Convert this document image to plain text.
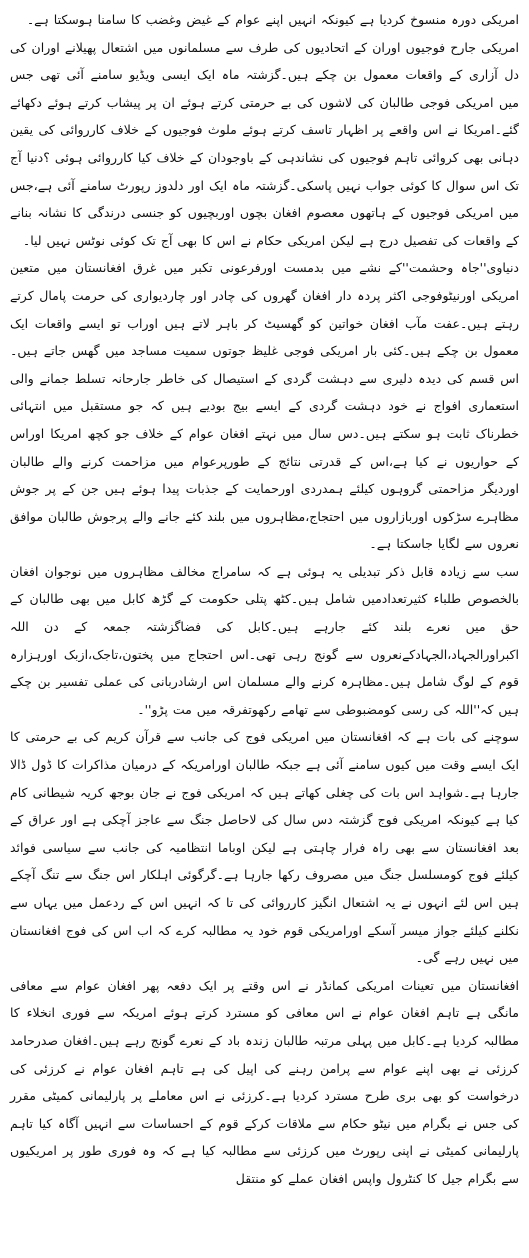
امریکی دورہ منسوخ کردیا ہے کیونکہ انہیں اپنے عوام کے غیض وغضب کا سامنا ہوسکتا ہے۔

امریکی جارح فوجیوں اوران کے اتحادیوں کی طرف سے مسلمانوں میں اشتعال پھیلانے اوران کی دل آزاری کے واقعات معمول بن چکے ہیں۔گزشتہ ماہ ایک ایسی ویڈیو سامنے آئی تھی جس میں امریکی فوجی طالبان کی لاشوں کی بے حرمتی کرتے ہوئے ان پر پیشاب کرتے ہوئے دکھائے گئے۔امریکا نے اس واقعے پر اظہار تاسف کرتے ہوئے ملوث فوجیوں کے خلاف کارروائی کی یقین دہانی بھی کروائی تاہم فوجیوں کی نشاندہی کے باوجودان کے خلاف کیا کارروائی ہوئی ؟دنیا آج تک اس سوال کا کوئی جواب نہیں پاسکی۔گزشتہ ماہ ایک اور دلدوز رپورٹ سامنے آئی ہے،جس میں امریکی فوجیوں کے ہاتھوں معصوم افغان بچوں اوربچیوں کو جنسی درندگی کا نشانہ بنانے کے واقعات کی تفصیل درج ہے لیکن امریکی حکام نے اس کا بھی آج تک کوئی نوٹس نہیں لیا۔

دنیاوی''جاہ وحشمت''کے نشے میں بدمست اورفرعونی تکبر میں غرق افغانستان میں متعین امریکی اورنیٹوفوجی اکثر پردہ دار افغان گھروں کی چادر اور چاردیواری کی حرمت پامال کرتے رہتے ہیں۔عفت مآب افغان خواتین کو گھسیٹ کر باہر لاتے ہیں اوراب تو ایسے واقعات ایک معمول بن چکے ہیں۔کئی بار امریکی فوجی غلیظ جوتوں سمیت مساجد میں گھس جاتے ہیں۔اس قسم کی دیدہ دلیری سے دہشت گردی کے استیصال کی خاطر جارحانہ تسلط جمانے والی استعماری افواج نے خود دہشت گردی کے ایسے بیج بودیے ہیں کہ جو مستقبل میں انتہائی خطرناک ثابت ہو سکتے ہیں۔دس سال میں نہتے افغان عوام کے خلاف جو کچھ امریکا اوراس کے حواریوں نے کیا ہے،اس کے قدرتی نتائج کے طورپرعوام میں مزاحمت کرنے والے طالبان اوردیگر مزاحمتی گروہوں کیلئے ہمدردی اورحمایت کے جذبات پیدا ہوئے ہیں جن کے پر جوش مظاہرے سڑکوں اوربازاروں میں احتجاج،مظاہروں میں بلند کئے جانے والے پرجوش طالبان موافق نعروں سے لگایا جاسکتا ہے۔

سب سے زیادہ قابل ذکر تبدیلی یہ ہوئی ہے کہ سامراج مخالف مظاہروں میں نوجوان افغان بالخصوص طلباء کثیرتعدادمیں شامل ہیں۔کٹھ پتلی حکومت کے گڑھ کابل میں بھی طالبان کے حق میں نعرے بلند کئے جارہے ہیں۔کابل کی فضاگزشتہ جمعہ کے دن اللہ اکبراورالجہاد،الجہادکےنعروں سے گونج رہی تھی۔اس احتجاج میں پختون،تاجک،ازبک اورہزارہ قوم کے لوگ شامل ہیں۔مظاہرہ کرنے والے مسلمان اس ارشادربانی کی عملی تفسیر بن چکے ہیں کہ''اللہ کی رسی کومضبوطی سے تھامے رکھوتفرقہ میں مت پڑو''۔

سوچنے کی بات ہے کہ افغانستان میں امریکی فوج کی جانب سے قرآن کریم کی بے حرمتی کا ایک ایسے وقت میں کیوں سامنے آئی ہے جبکہ طالبان اورامریکہ کے درمیان مذاکرات کا ڈول ڈالا جارہا ہے۔شواہد اس بات کی چغلی کھاتے ہیں کہ امریکی فوج نے جان بوجھ کریہ شیطانی کام کیا ہے کیونکہ امریکی فوج گزشتہ دس سال کی لاحاصل جنگ سے عاجز آچکی ہے اور عراق کے بعد افغانستان سے بھی راہ فرار چاہتی ہے لیکن اوباما انتظامیہ کی جانب سے سیاسی فوائد کیلئے فوج کومسلسل جنگ میں مصروف رکھا جارہا ہے۔گرگوئی اہلکار اس جنگ سے تنگ آچکے ہیں اس لئے انہوں نے یہ اشتعال انگیز کارروائی کی تا کہ انہیں اس کے ردعمل میں یہاں سے نکلنے کیلئے جواز میسر آسکے اورامریکی قوم خود یہ مطالبہ کرے کہ اب اس کی فوج افغانستان میں نہیں رہے گی۔

افغانستان میں تعینات امریکی کمانڈر نے اس وقتے پر ایک دفعہ پھر افغان عوام سے معافی مانگی ہے تاہم افغان عوام نے اس معافی کو مسترد کرتے ہوئے امریکہ سے فوری انخلاء کا مطالبہ کردیا ہے۔کابل میں پہلی مرتبہ طالبان زندہ باد کے نعرے گونج رہے ہیں۔افغان صدرحامد کرزئی نے بھی اپنے عوام سے پرامن رہنے کی اپیل کی ہے تاہم افغان عوام نے کرزئی کی درخواست کو بھی بری طرح مسترد کردیا ہے۔کرزئی نے اس معاملے پر پارلیمانی کمیٹی مقرر کی جس نے بگرام میں نیٹو حکام سے ملاقات کرکے قوم کے احساسات سے انہیں آگاہ کیا تاہم پارلیمانی کمیٹی نے اپنی رپورٹ میں کرزئی سے مطالبہ کیا ہے کہ وہ فوری طور پر امریکیوں سے بگرام جیل کا کنٹرول واپس افغان عملے کو منتقل
